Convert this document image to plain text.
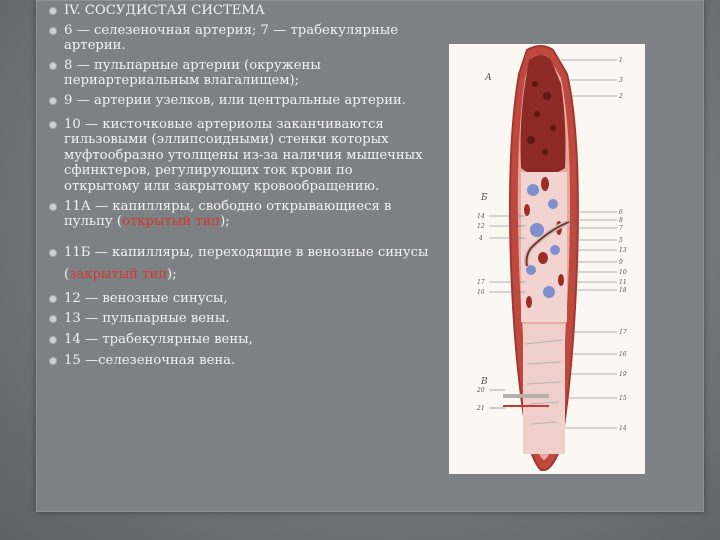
IV. СОСУДИСТАЯ СИСТЕМА
6 — селезеночная артерия; 7 — трабекулярные артерии.
8 — пульпарные артерии (окружены периартериальным влагалищем);
9 — артерии узелков, или центральные артерии.
10 — кисточковые артериолы заканчиваются гильзовыми (эллипсоидными) стенки которых муфтообразно утолщены из-за наличия мышечных сфинктеров, регулирующих ток крови по открытому или закрытому кровообращению.
11А — капилляры, свободно открывающиеся в пульпу (открытый тип);
11Б — капилляры, переходящие в венозные синусы (закрытый тип);
12 — венозные синусы,
13 — пульпарные вены.
14 — трабекулярные вены,
15 —селезеночная вена.
А
Б
В
1
3
2
6
8
7
5
13
9
10
11
18
17
16
19
15
14
14
12
4
17
16
20
21
